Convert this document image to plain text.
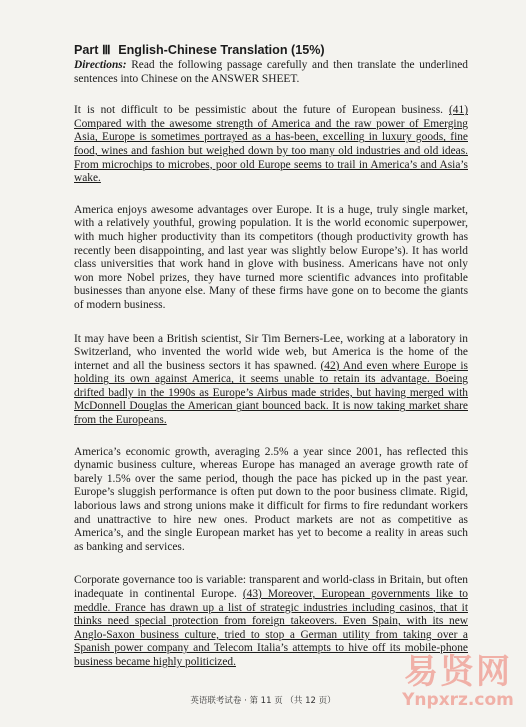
Part Ⅲ English-Chinese Translation (15%)
Directions: Read the following passage carefully and then translate the underlined sentences into Chinese on the ANSWER SHEET.

It is not difficult to be pessimistic about the future of European business. (41) Compared with the awesome strength of America and the raw power of Emerging Asia, Europe is sometimes portrayed as a has-been, excelling in luxury goods, fine food, wines and fashion but weighed down by too many old industries and old ideas. From microchips to microbes, poor old Europe seems to trail in America’s and Asia’s wake.

America enjoys awesome advantages over Europe. It is a huge, truly single market, with a relatively youthful, growing population. It is the world economic superpower, with much higher productivity than its competitors (though productivity growth has recently been disappointing, and last year was slightly below Europe’s). It has world class universities that work hand in glove with business. Americans have not only won more Nobel prizes, they have turned more scientific advances into profitable businesses than anyone else. Many of these firms have gone on to become the giants of modern business.

It may have been a British scientist, Sir Tim Berners-Lee, working at a laboratory in Switzerland, who invented the world wide web, but America is the home of the internet and all the business sectors it has spawned. (42) And even where Europe is holding its own against America, it seems unable to retain its advantage. Boeing drifted badly in the 1990s as Europe’s Airbus made strides, but having merged with McDonnell Douglas the American giant bounced back. It is now taking market share from the Europeans.

America’s economic growth, averaging 2.5% a year since 2001, has reflected this dynamic business culture, whereas Europe has managed an average growth rate of barely 1.5% over the same period, though the pace has picked up in the past year. Europe’s sluggish performance is often put down to the poor business climate. Rigid, laborious laws and strong unions make it difficult for firms to fire redundant workers and unattractive to hire new ones. Product markets are not as competitive as America’s, and the single European market has yet to become a reality in areas such as banking and services.

Corporate governance too is variable: transparent and world-class in Britain, but often inadequate in continental Europe. (43) Moreover, European governments like to meddle. France has drawn up a list of strategic industries including casinos, that it thinks need special protection from foreign takeovers. Even Spain, with its new Anglo-Saxon business culture, tried to stop a German utility from taking over a Spanish power company and Telecom Italia’s attempts to hive off its mobile-phone business became highly politicized.

英语联考试卷 · 第 11 页 （共 12 页）
易贤网
Ynpxrz.com
